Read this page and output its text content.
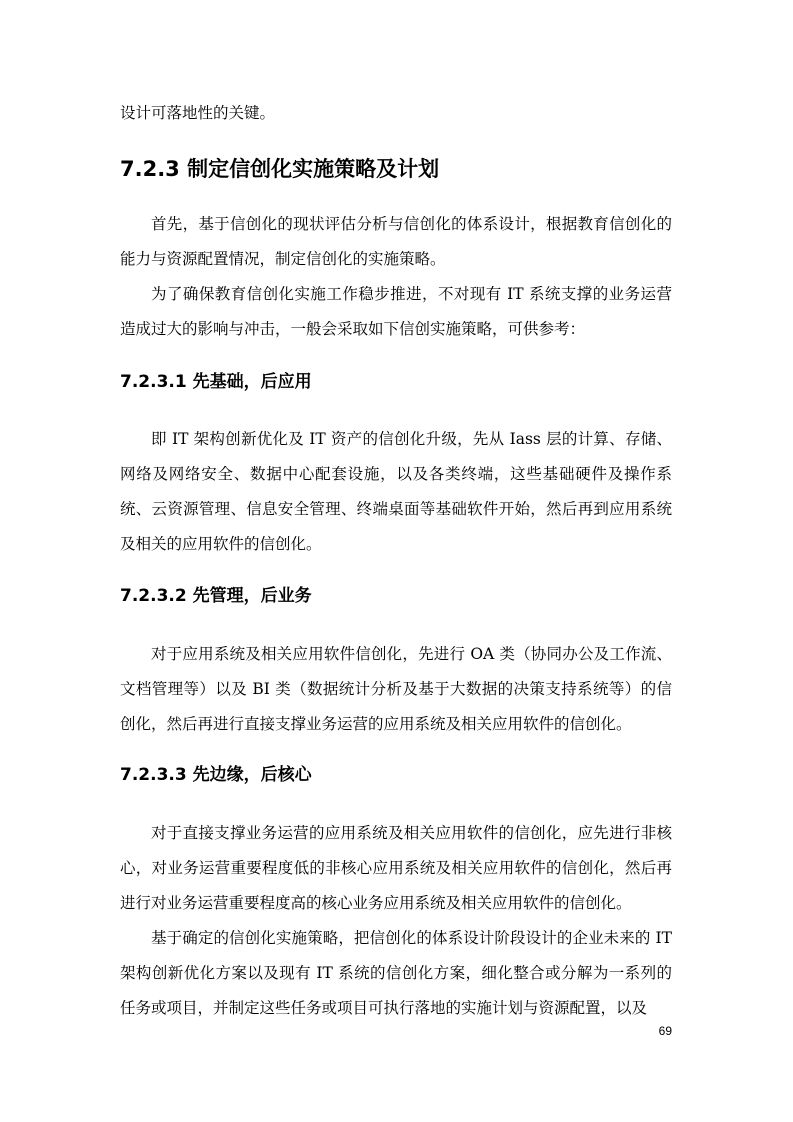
设计可落地性的关键。
7.2.3 制定信创化实施策略及计划
首先，基于信创化的现状评估分析与信创化的体系设计，根据教育信创化的能力与资源配置情况，制定信创化的实施策略。
为了确保教育信创化实施工作稳步推进，不对现有 IT 系统支撑的业务运营造成过大的影响与冲击，一般会采取如下信创实施策略，可供参考：
7.2.3.1 先基础，后应用
即 IT 架构创新优化及 IT 资产的信创化升级，先从 Iass 层的计算、存储、网络及网络安全、数据中心配套设施，以及各类终端，这些基础硬件及操作系统、云资源管理、信息安全管理、终端桌面等基础软件开始，然后再到应用系统及相关的应用软件的信创化。
7.2.3.2 先管理，后业务
对于应用系统及相关应用软件信创化，先进行 OA 类（协同办公及工作流、文档管理等）以及 BI 类（数据统计分析及基于大数据的决策支持系统等）的信创化，然后再进行直接支撑业务运营的应用系统及相关应用软件的信创化。
7.2.3.3 先边缘，后核心
对于直接支撑业务运营的应用系统及相关应用软件的信创化，应先进行非核心，对业务运营重要程度低的非核心应用系统及相关应用软件的信创化，然后再进行对业务运营重要程度高的核心业务应用系统及相关应用软件的信创化。
基于确定的信创化实施策略，把信创化的体系设计阶段设计的企业未来的 IT 架构创新优化方案以及现有 IT 系统的信创化方案，细化整合或分解为一系列的任务或项目，并制定这些任务或项目可执行落地的实施计划与资源配置，以及
69
